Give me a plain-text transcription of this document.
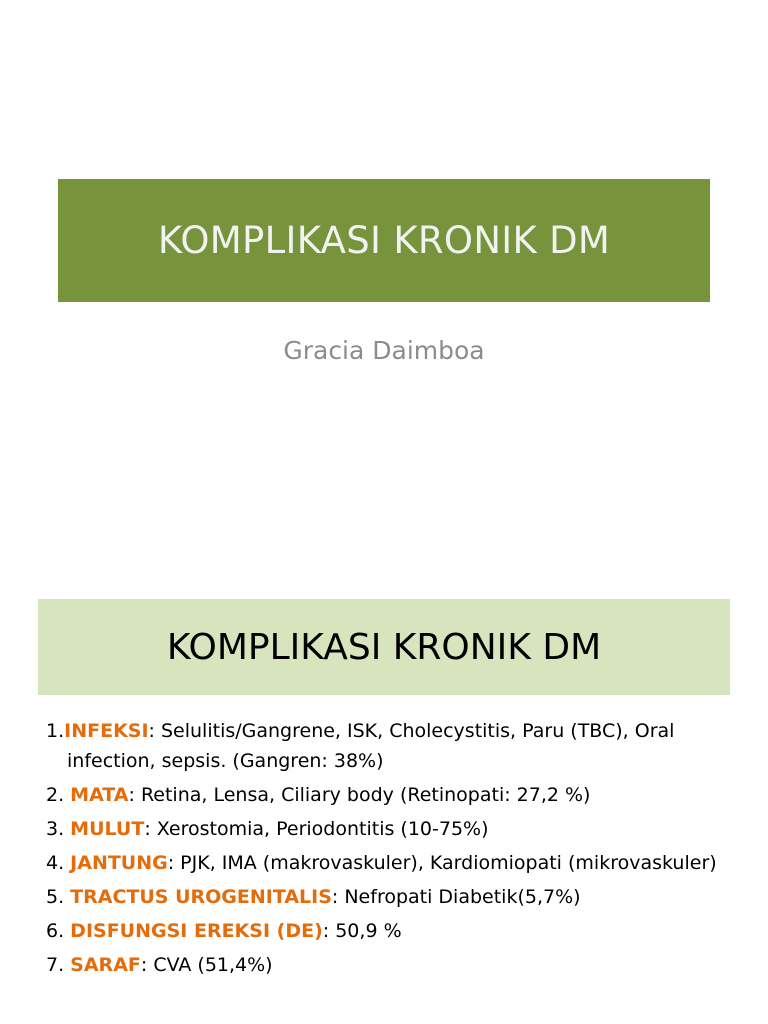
KOMPLIKASI KRONIK DM
Gracia Daimboa
KOMPLIKASI KRONIK DM
1.INFEKSI: Selulitis/Gangrene, ISK, Cholecystitis, Paru (TBC), Oral infection, sepsis. (Gangren: 38%)
2. MATA: Retina, Lensa, Ciliary body (Retinopati: 27,2 %)
3. MULUT: Xerostomia, Periodontitis (10-75%)
4. JANTUNG: PJK, IMA (makrovaskuler), Kardiomiopati (mikrovaskuler)
5. TRACTUS UROGENITALIS: Nefropati Diabetik(5,7%)
6. DISFUNGSI EREKSI (DE): 50,9 %
7. SARAF: CVA (51,4%)
